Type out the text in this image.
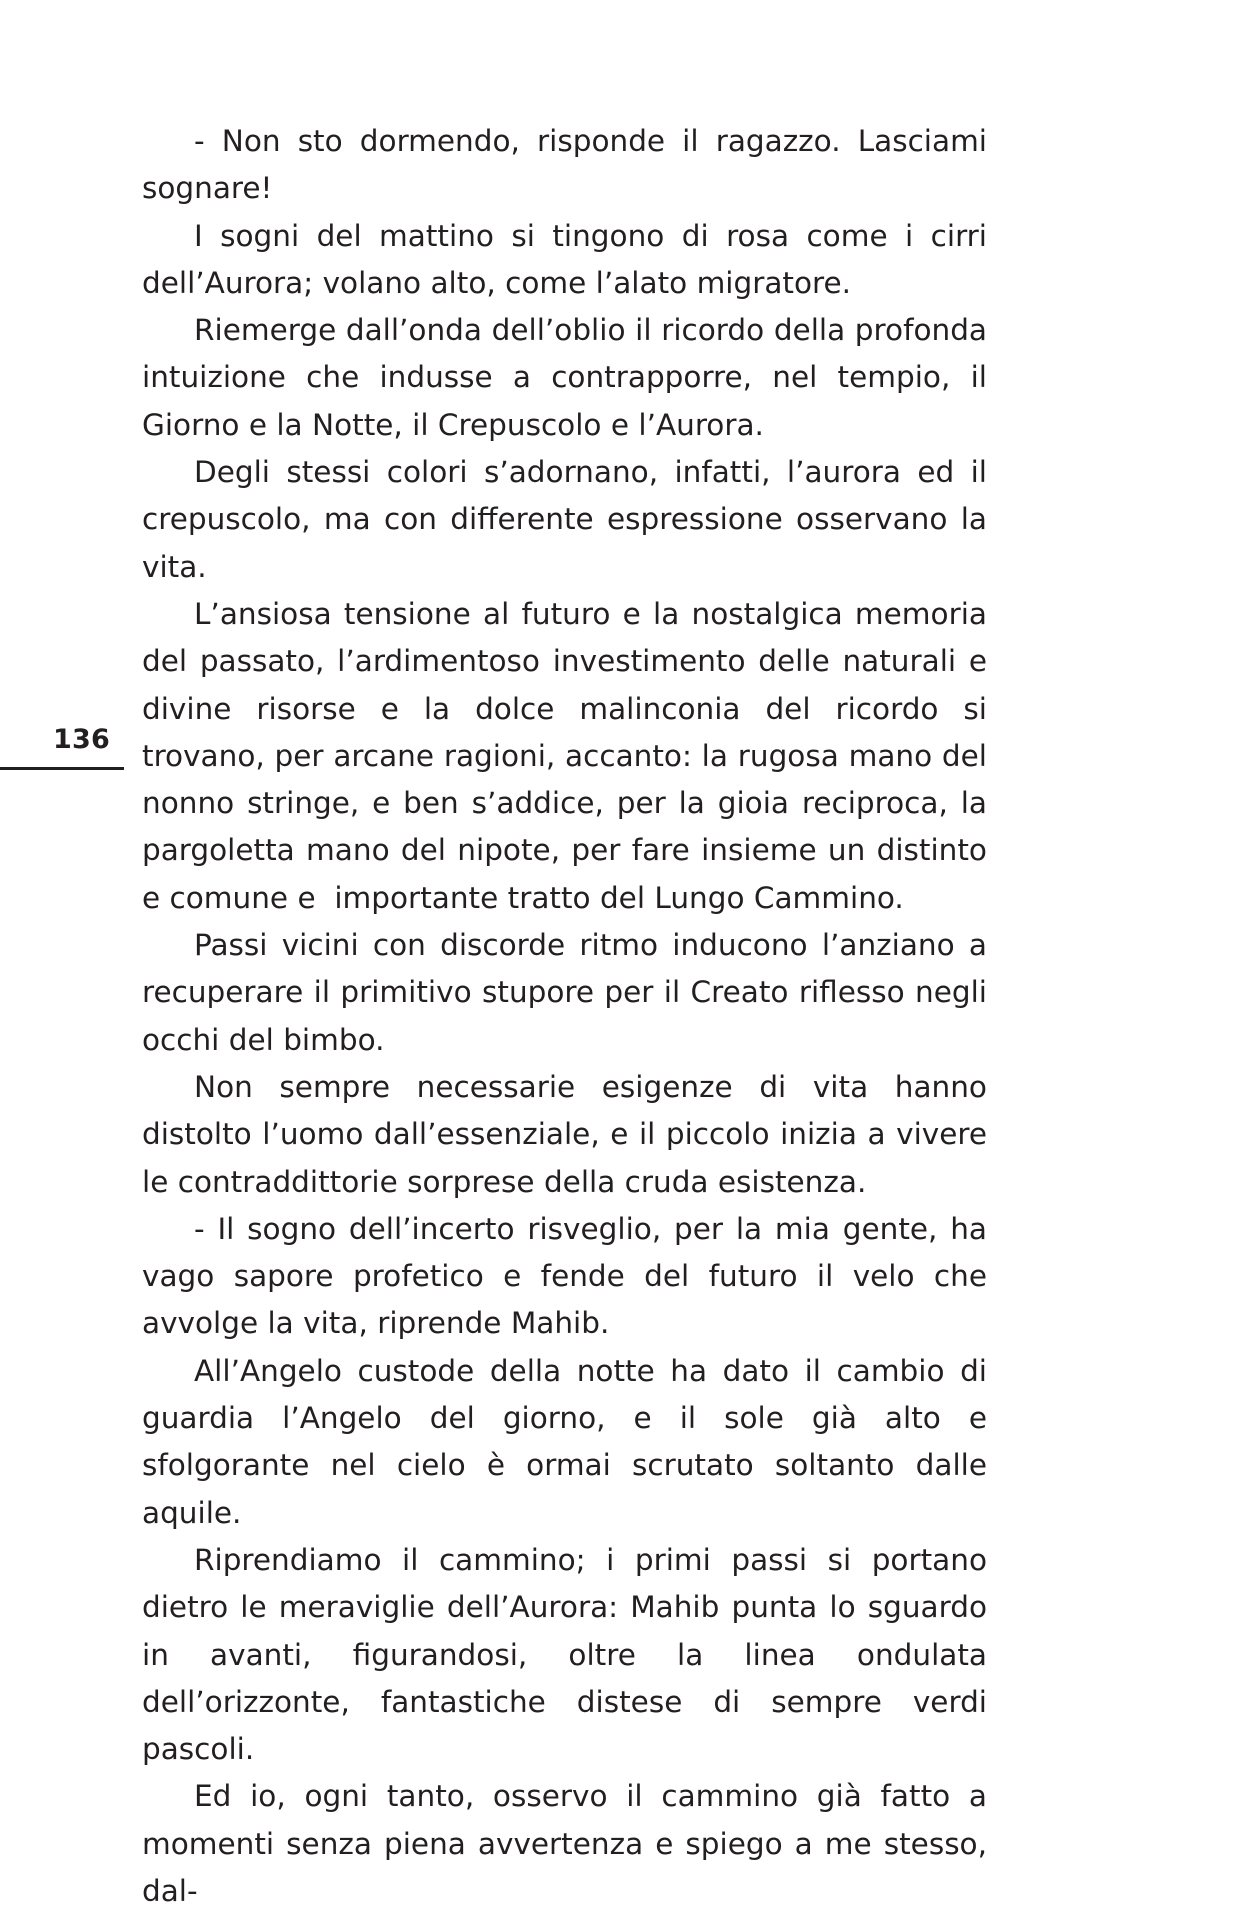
136

- Non sto dormendo, risponde il ragazzo. Lasciami sognare!

I sogni del mattino si tingono di rosa come i cirri dell’Aurora; volano alto, come l’alato migratore.

Riemerge dall’onda dell’oblio il ricordo della profonda intuizione che indusse a contrapporre, nel tempio, il Giorno e la Notte, il Crepuscolo e l’Aurora.

Degli stessi colori s’adornano, infatti, l’aurora ed il crepuscolo, ma con differente espressione osservano la vita.

L’ansiosa tensione al futuro e la nostalgica memoria del passato, l’ardimentoso investimento delle naturali e divine risorse e la dolce malinconia del ricordo si trovano, per arcane ragioni, accanto: la rugosa mano del nonno stringe, e ben s’addice, per la gioia reciproca, la pargoletta mano del nipote, per fare insieme un distinto e comune e  importante tratto del Lungo Cammino.

Passi vicini con discorde ritmo inducono l’anziano a recuperare il primitivo stupore per il Creato riflesso negli occhi del bimbo.

Non sempre necessarie esigenze di vita hanno distolto l’uomo dall’essenziale, e il piccolo inizia a vivere le contraddittorie sorprese della cruda esistenza.

- Il sogno dell’incerto risveglio, per la mia gente, ha vago sapore profetico e fende del futuro il velo che avvolge la vita, riprende Mahib.

All’Angelo custode della notte ha dato il cambio di guardia l’Angelo del giorno, e il sole già alto e sfolgorante nel cielo è ormai scrutato soltanto dalle aquile.

Riprendiamo il cammino; i primi passi si portano dietro le meraviglie dell’Aurora: Mahib punta lo sguardo in avanti, figurandosi, oltre la linea ondulata dell’orizzonte, fantastiche distese di sempre verdi pascoli.

Ed io, ogni tanto, osservo il cammino già fatto a momenti senza piena avvertenza e spiego a me stesso, dal-
